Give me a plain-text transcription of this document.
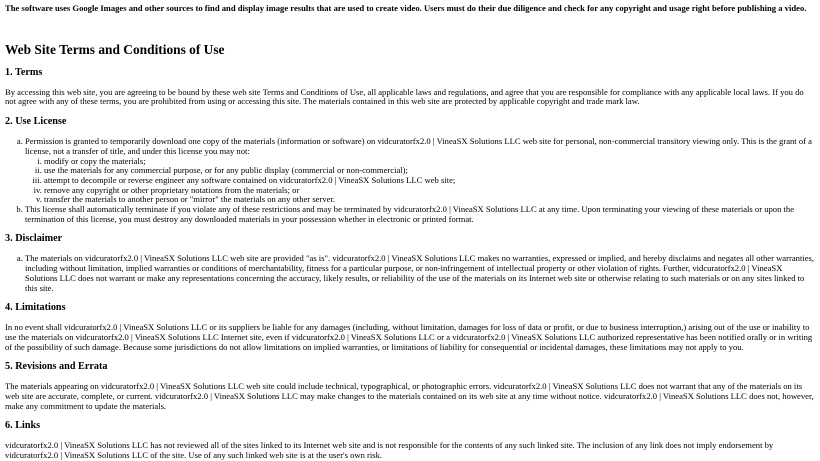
The software uses Google Images and other sources to find and display image results that are used to create video. Users must do their due diligence and check for any copyright and usage right before publishing a video.

Web Site Terms and Conditions of Use
1. Terms

By accessing this web site, you are agreeing to be bound by these web site Terms and Conditions of Use, all applicable laws and regulations, and agree that you are responsible for compliance with any applicable local laws. If you do not agree with any of these terms, you are prohibited from using or accessing this site. The materials contained in this web site are protected by applicable copyright and trade mark law.

2. Use License
a. Permission is granted to temporarily download one copy of the materials (information or software) on vidcuratorfx2.0 | VineaSX Solutions LLC web site for personal, non-commercial transitory viewing only. This is the grant of a license, not a transfer of title, and under this license you may not:
i. modify or copy the materials;
ii. use the materials for any commercial purpose, or for any public display (commercial or non-commercial);
iii. attempt to decompile or reverse engineer any software contained on vidcuratorfx2.0 | VineaSX Solutions LLC web site;
iv. remove any copyright or other proprietary notations from the materials; or
v. transfer the materials to another person or "mirror" the materials on any other server.
b. This license shall automatically terminate if you violate any of these restrictions and may be terminated by vidcuratorfx2.0 | VineaSX Solutions LLC at any time. Upon terminating your viewing of these materials or upon the termination of this license, you must destroy any downloaded materials in your possession whether in electronic or printed format.
3. Disclaimer
a. The materials on vidcuratorfx2.0 | VineaSX Solutions LLC web site are provided "as is". vidcuratorfx2.0 | VineaSX Solutions LLC makes no warranties, expressed or implied, and hereby disclaims and negates all other warranties, including without limitation, implied warranties or conditions of merchantability, fitness for a particular purpose, or non-infringement of intellectual property or other violation of rights. Further, vidcuratorfx2.0 | VineaSX Solutions LLC does not warrant or make any representations concerning the accuracy, likely results, or reliability of the use of the materials on its Internet web site or otherwise relating to such materials or on any sites linked to this site.
4. Limitations

In no event shall vidcuratorfx2.0 | VineaSX Solutions LLC or its suppliers be liable for any damages (including, without limitation, damages for loss of data or profit, or due to business interruption,) arising out of the use or inability to use the materials on vidcuratorfx2.0 | VineaSX Solutions LLC Internet site, even if vidcuratorfx2.0 | VineaSX Solutions LLC or a vidcuratorfx2.0 | VineaSX Solutions LLC authorized representative has been notified orally or in writing of the possibility of such damage. Because some jurisdictions do not allow limitations on implied warranties, or limitations of liability for consequential or incidental damages, these limitations may not apply to you.

5. Revisions and Errata

The materials appearing on vidcuratorfx2.0 | VineaSX Solutions LLC web site could include technical, typographical, or photographic errors. vidcuratorfx2.0 | VineaSX Solutions LLC does not warrant that any of the materials on its web site are accurate, complete, or current. vidcuratorfx2.0 | VineaSX Solutions LLC may make changes to the materials contained on its web site at any time without notice. vidcuratorfx2.0 | VineaSX Solutions LLC does not, however, make any commitment to update the materials.

6. Links

vidcuratorfx2.0 | VineaSX Solutions LLC has not reviewed all of the sites linked to its Internet web site and is not responsible for the contents of any such linked site. The inclusion of any link does not imply endorsement by vidcuratorfx2.0 | VineaSX Solutions LLC of the site. Use of any such linked web site is at the user's own risk.
